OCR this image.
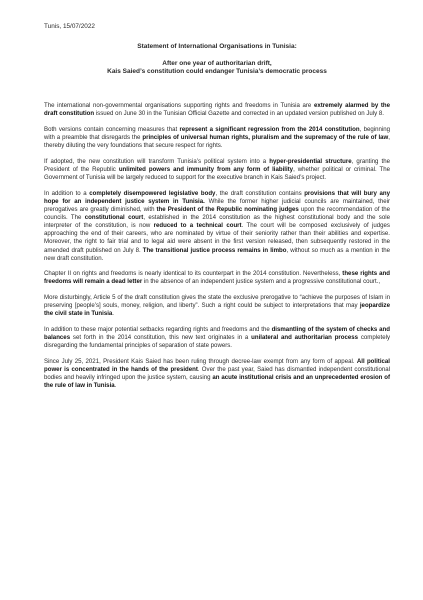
Tunis, 15/07/2022

Statement of International Organisations in Tunisia:

After one year of authoritarian drift,
Kais Saied’s constitution could endanger Tunisia’s democratic process

The international non-governmental organisations supporting rights and freedoms in Tunisia are extremely alarmed by the draft constitution issued on June 30 in the Tunisian Official Gazette and corrected in an updated version published on July 8.

Both versions contain concerning measures that represent a significant regression from the 2014 constitution, beginning with a preamble that disregards the principles of universal human rights, pluralism and the supremacy of the rule of law, thereby diluting the very foundations that secure respect for rights.

If adopted, the new constitution will transform Tunisia’s political system into a hyper-presidential structure, granting the President of the Republic unlimited powers and immunity from any form of liability, whether political or criminal. The Government of Tunisia will be largely reduced to support for the executive branch in Kais Saied’s project.

In addition to a completely disempowered legislative body, the draft constitution contains provisions that will bury any hope for an independent justice system in Tunisia. While the former higher judicial councils are maintained, their prerogatives are greatly diminished, with the President of the Republic nominating judges upon the recommendation of the councils. The constitutional court, established in the 2014 constitution as the highest constitutional body and the sole interpreter of the constitution, is now reduced to a technical court. The court will be composed exclusively of judges approaching the end of their careers, who are nominated by virtue of their seniority rather than their abilities and expertise. Moreover, the right to fair trial and to legal aid were absent in the first version released, then subsequently restored in the amended draft published on July 8. The transitional justice process remains in limbo, without so much as a mention in the new draft constitution.

Chapter II on rights and freedoms is nearly identical to its counterpart in the 2014 constitution. Nevertheless, these rights and freedoms will remain a dead letter in the absence of an independent justice system and a progressive constitutional court.,

More disturbingly, Article 5 of the draft constitution gives the state the exclusive prerogative to “achieve the purposes of Islam in preserving [people’s] souls, money, religion, and liberty”. Such a right could be subject to interpretations that may jeopardize the civil state in Tunisia.

In addition to these major potential setbacks regarding rights and freedoms and the dismantling of the system of checks and balances set forth in the 2014 constitution, this new text originates in a unilateral and authoritarian process completely disregarding the fundamental principles of separation of state powers.

Since July 25, 2021, President Kais Saied has been ruling through decree-law exempt from any form of appeal. All political power is concentrated in the hands of the president. Over the past year, Saied has dismantled independent constitutional bodies and heavily infringed upon the justice system, causing an acute institutional crisis and an unprecedented erosion of the rule of law in Tunisia.
